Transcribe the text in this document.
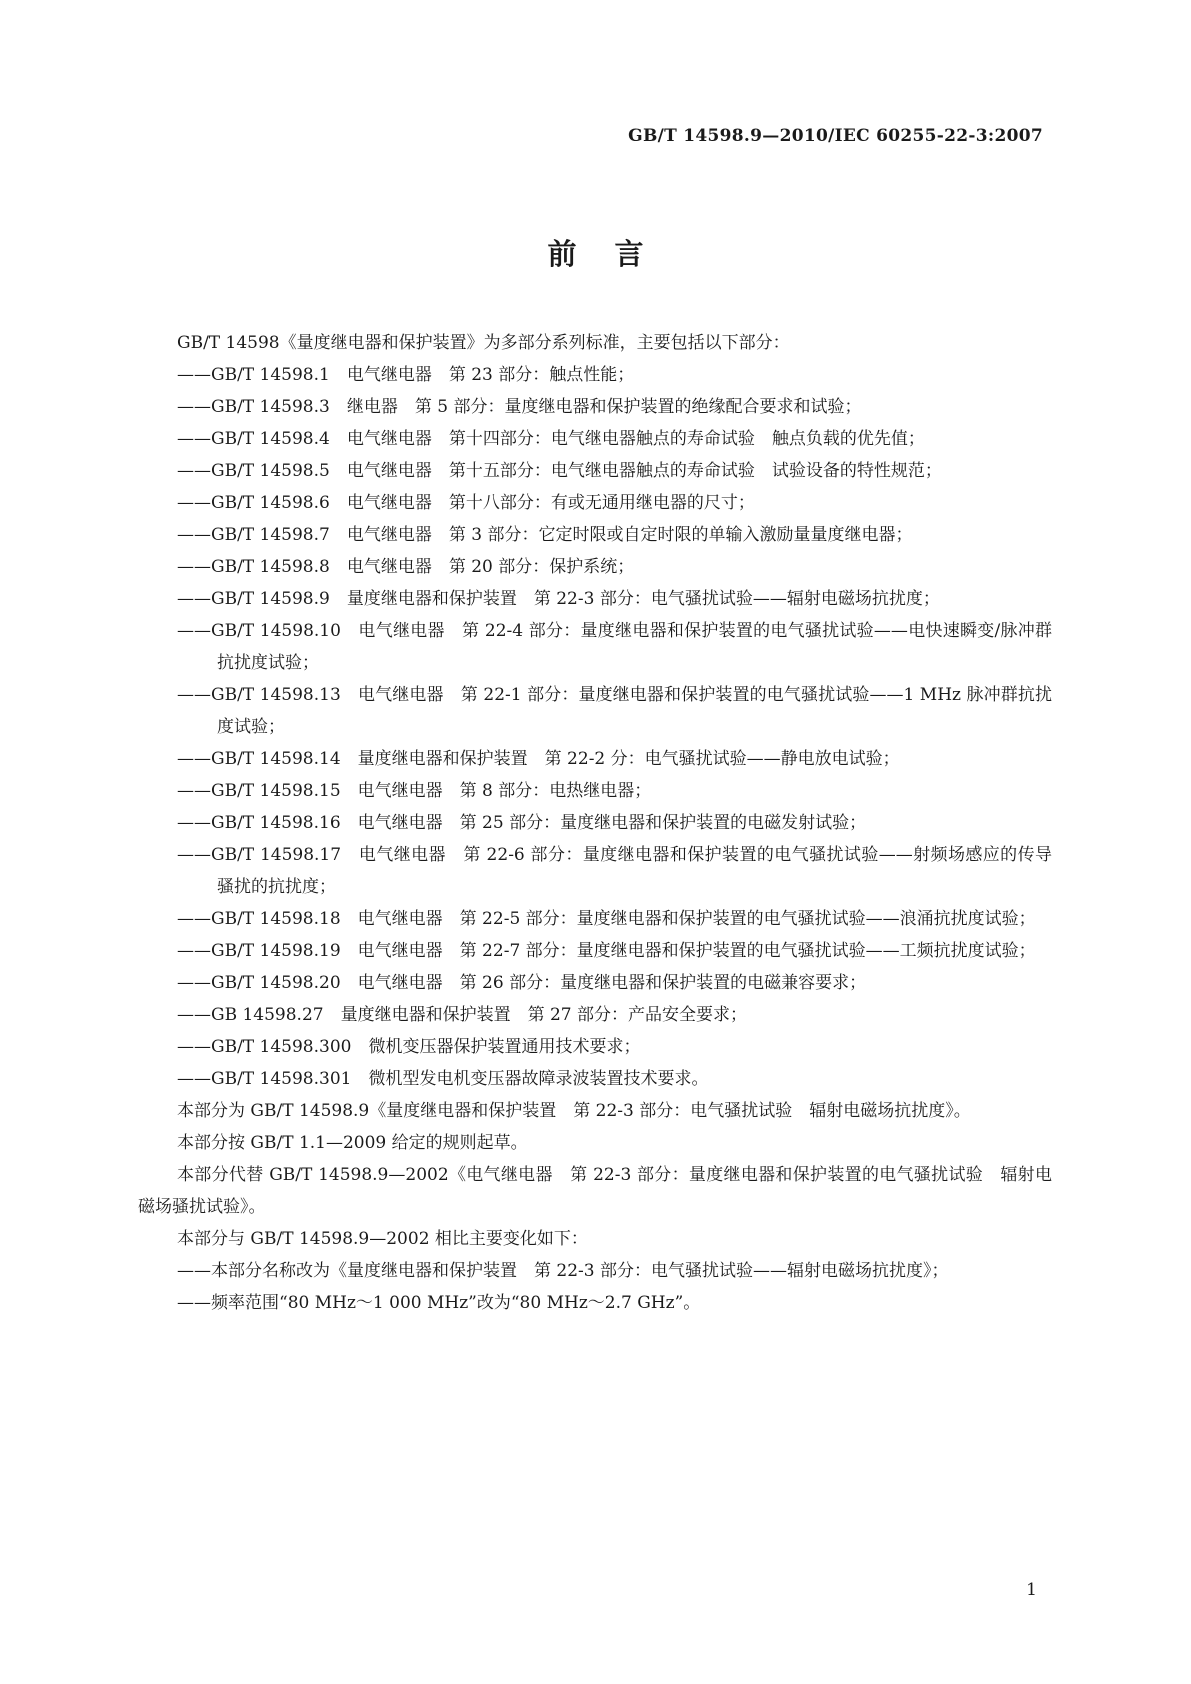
GB/T 14598.9—2010/IEC 60255-22-3:2007
前言
GB/T 14598《量度继电器和保护装置》为多部分系列标准，主要包括以下部分：
——GB/T 14598.1　电气继电器　第 23 部分：触点性能；
——GB/T 14598.3　继电器　第 5 部分：量度继电器和保护装置的绝缘配合要求和试验；
——GB/T 14598.4　电气继电器　第十四部分：电气继电器触点的寿命试验　触点负载的优先值；
——GB/T 14598.5　电气继电器　第十五部分：电气继电器触点的寿命试验　试验设备的特性规范；
——GB/T 14598.6　电气继电器　第十八部分：有或无通用继电器的尺寸；
——GB/T 14598.7　电气继电器　第 3 部分：它定时限或自定时限的单输入激励量量度继电器；
——GB/T 14598.8　电气继电器　第 20 部分：保护系统；
——GB/T 14598.9　量度继电器和保护装置　第 22-3 部分：电气骚扰试验——辐射电磁场抗扰度；
——GB/T 14598.10　电气继电器　第 22-4 部分：量度继电器和保护装置的电气骚扰试验——电快速瞬变/脉冲群抗扰度试验；
——GB/T 14598.13　电气继电器　第 22-1 部分：量度继电器和保护装置的电气骚扰试验——1 MHz 脉冲群抗扰度试验；
——GB/T 14598.14　量度继电器和保护装置　第 22-2 分：电气骚扰试验——静电放电试验；
——GB/T 14598.15　电气继电器　第 8 部分：电热继电器；
——GB/T 14598.16　电气继电器　第 25 部分：量度继电器和保护装置的电磁发射试验；
——GB/T 14598.17　电气继电器　第 22-6 部分：量度继电器和保护装置的电气骚扰试验——射频场感应的传导骚扰的抗扰度；
——GB/T 14598.18　电气继电器　第 22-5 部分：量度继电器和保护装置的电气骚扰试验——浪涌抗扰度试验；
——GB/T 14598.19　电气继电器　第 22-7 部分：量度继电器和保护装置的电气骚扰试验——工频抗扰度试验；
——GB/T 14598.20　电气继电器　第 26 部分：量度继电器和保护装置的电磁兼容要求；
——GB 14598.27　量度继电器和保护装置　第 27 部分：产品安全要求；
——GB/T 14598.300　微机变压器保护装置通用技术要求；
——GB/T 14598.301　微机型发电机变压器故障录波装置技术要求。
本部分为 GB/T 14598.9《量度继电器和保护装置　第 22-3 部分：电气骚扰试验　辐射电磁场抗扰度》。
本部分按 GB/T 1.1—2009 给定的规则起草。
本部分代替 GB/T 14598.9—2002《电气继电器　第 22-3 部分：量度继电器和保护装置的电气骚扰试验　辐射电磁场骚扰试验》。
本部分与 GB/T 14598.9—2002 相比主要变化如下：
——本部分名称改为《量度继电器和保护装置　第 22-3 部分：电气骚扰试验——辐射电磁场抗扰度》；
——频率范围“80 MHz～1 000 MHz”改为“80 MHz～2.7 GHz”。
1
